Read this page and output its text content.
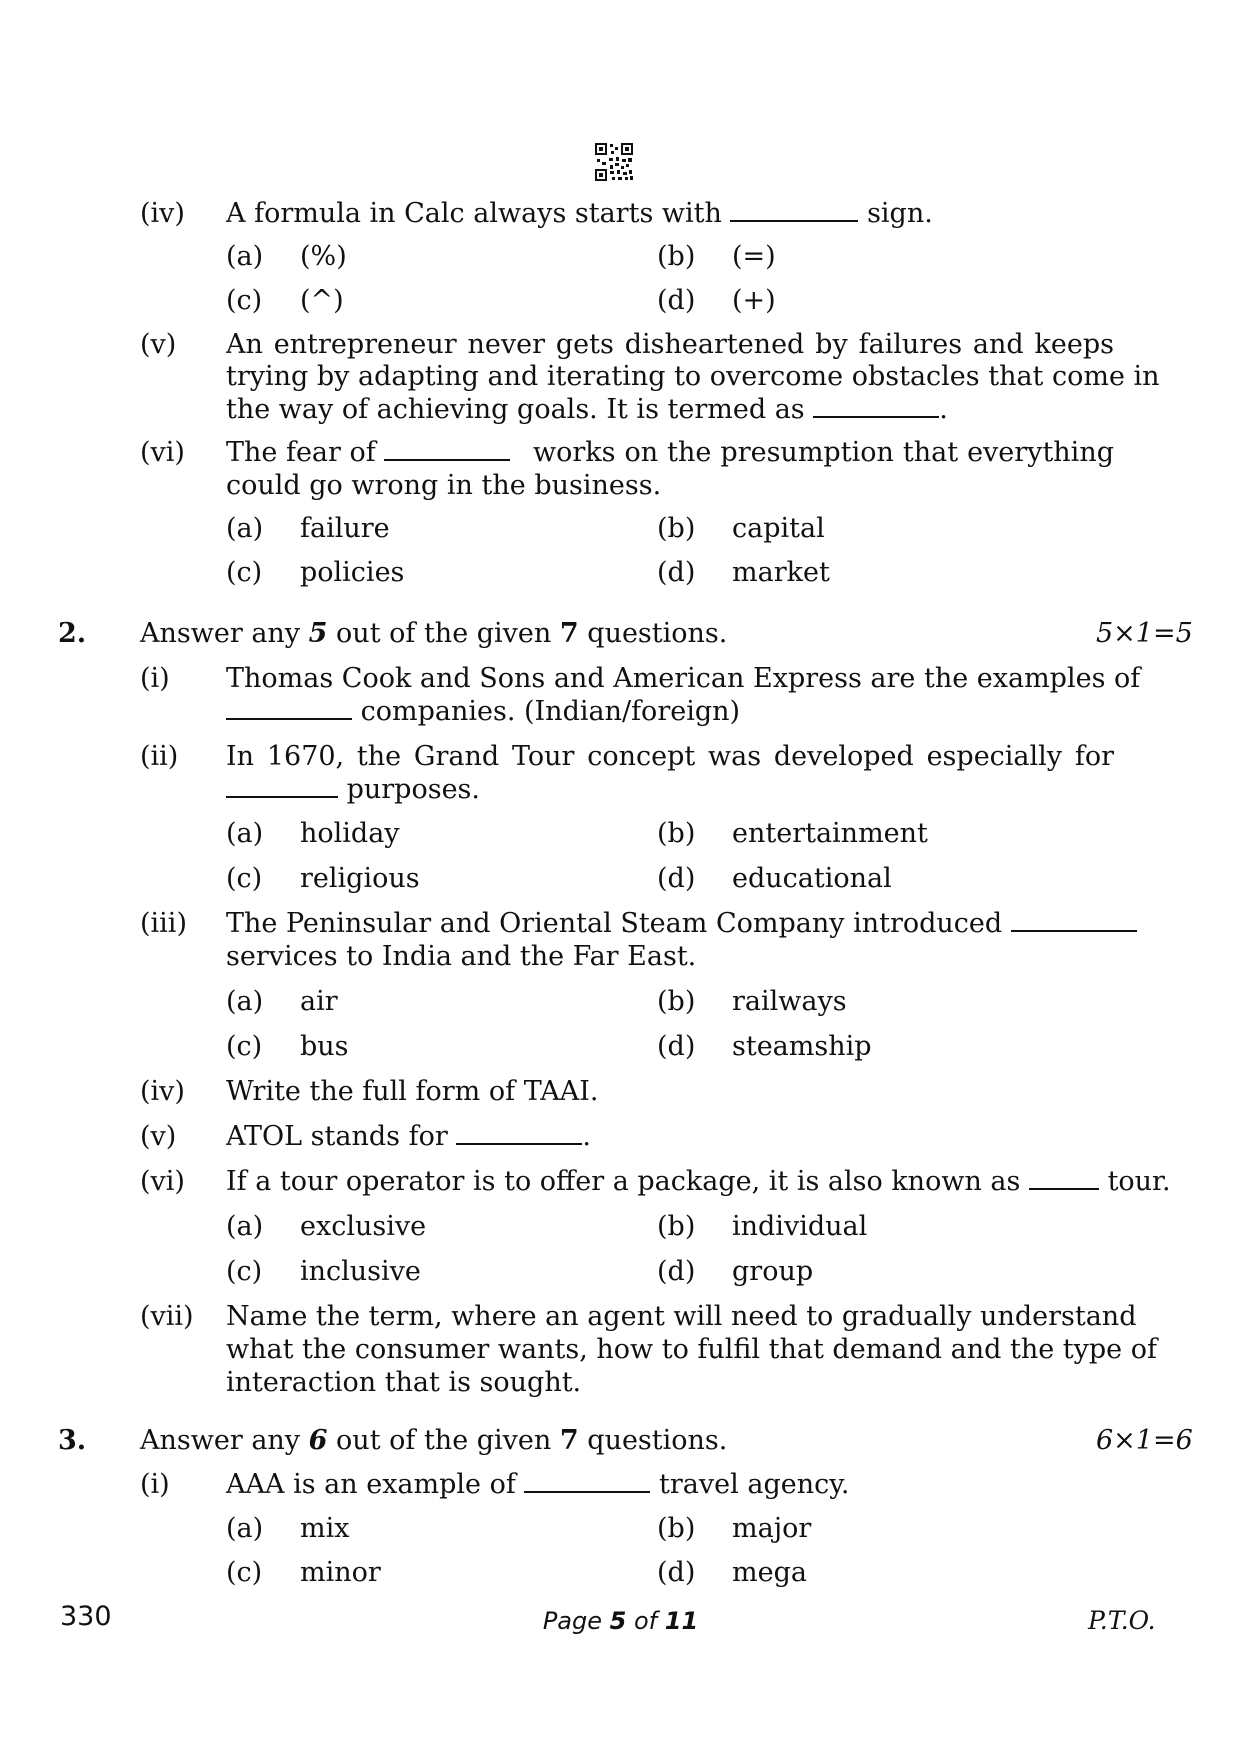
(iv) A formula in Calc always starts with	sign.
(a) (%)	(b) (=)
(c) (^)	(d) (+)
(v) An entrepreneur never gets disheartened by failures and keeps
trying by adapting and iterating to overcome obstacles that come in
the way of achieving goals. It is termed as	.
(vi) The fear of	works on the presumption that everything
could go wrong in the business.
(a) failure	(b) capital
(c) policies	(d) market
2. Answer any 5 out of the given 7 questions.	5×1=5
(i) Thomas Cook and Sons and American Express are the examples of
companies. (Indian/foreign)
(ii) In 1670, the Grand Tour concept was developed especially for
purposes.
(a) holiday	(b) entertainment
(c) religious	(d) educational
(iii) The Peninsular and Oriental Steam Company introduced
services to India and the Far East.
(a) air	(b) railways
(c) bus	(d) steamship
(iv) Write the full form of TAAI.
(v) ATOL stands for	.
(vi) If a tour operator is to offer a package, it is also known as	tour.
(a) exclusive	(b) individual
(c) inclusive	(d) group
(vii) Name the term, where an agent will need to gradually understand
what the consumer wants, how to fulfil that demand and the type of
interaction that is sought.
3. Answer any 6 out of the given 7 questions.	6×1=6
(i) AAA is an example of	travel agency.
(a) mix	(b) major
(c) minor	(d) mega
330	Page 5 of 11	P.T.O.
